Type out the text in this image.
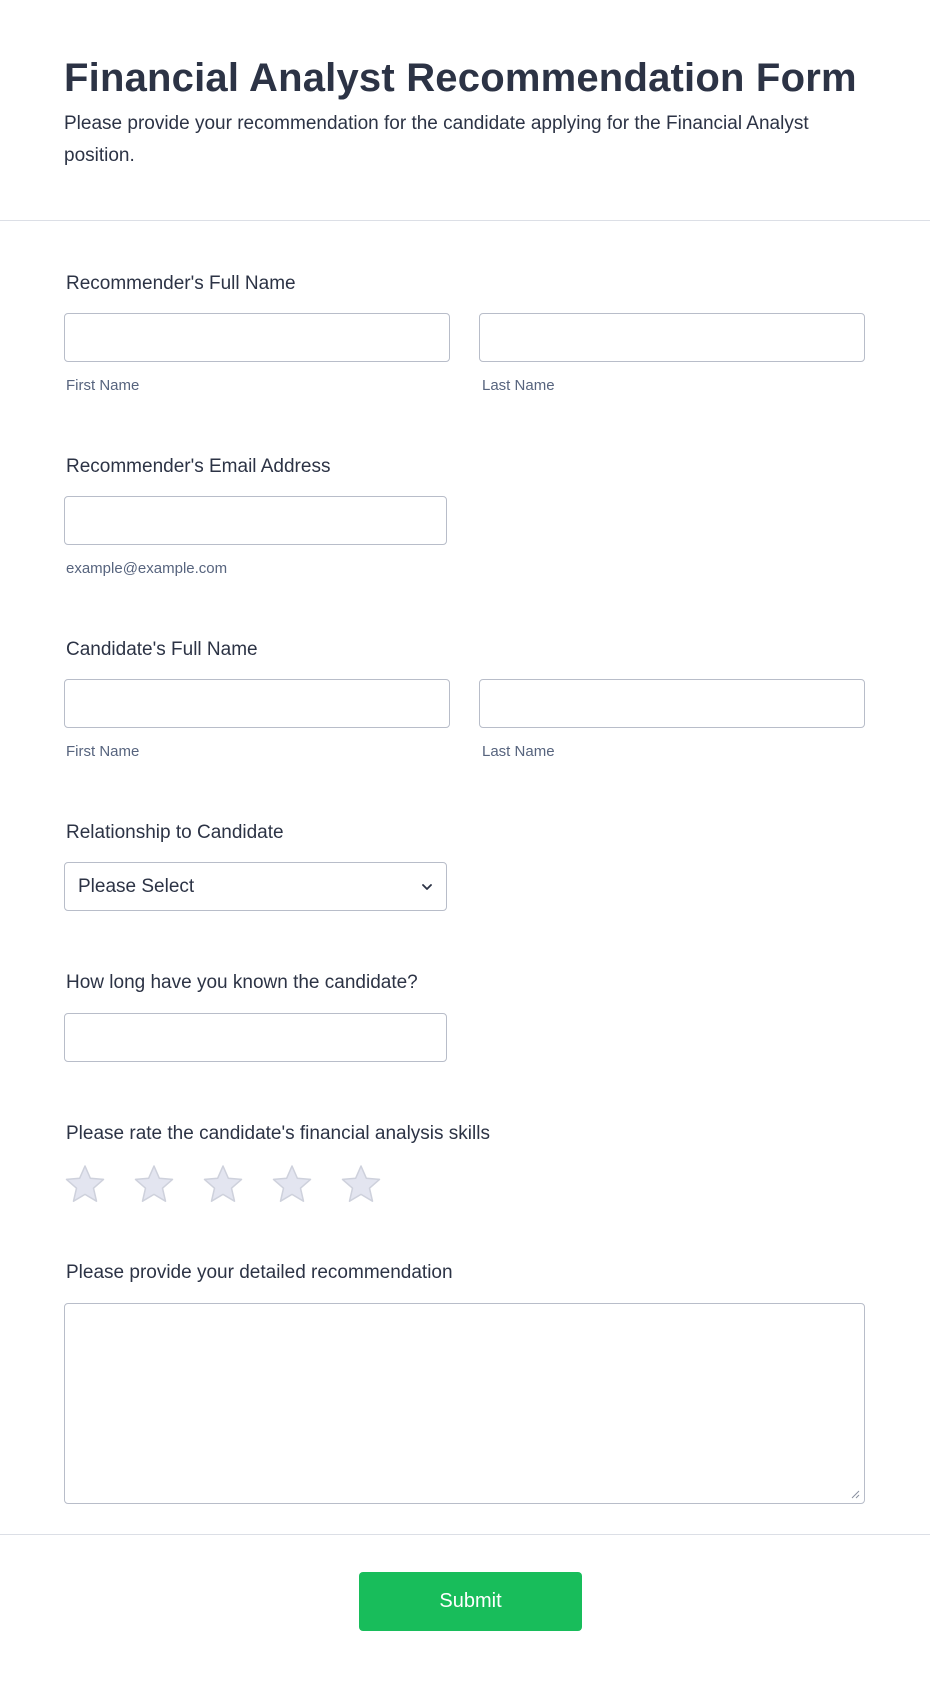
Financial Analyst Recommendation Form

Please provide your recommendation for the candidate applying for the Financial Analyst position.

Recommender's Full Name
First Name	Last Name
Recommender's Email Address
example@example.com
Candidate's Full Name
First Name	Last Name
Relationship to Candidate
Please Select
How long have you known the candidate?
Please rate the candidate's financial analysis skills
Please provide your detailed recommendation
Submit
